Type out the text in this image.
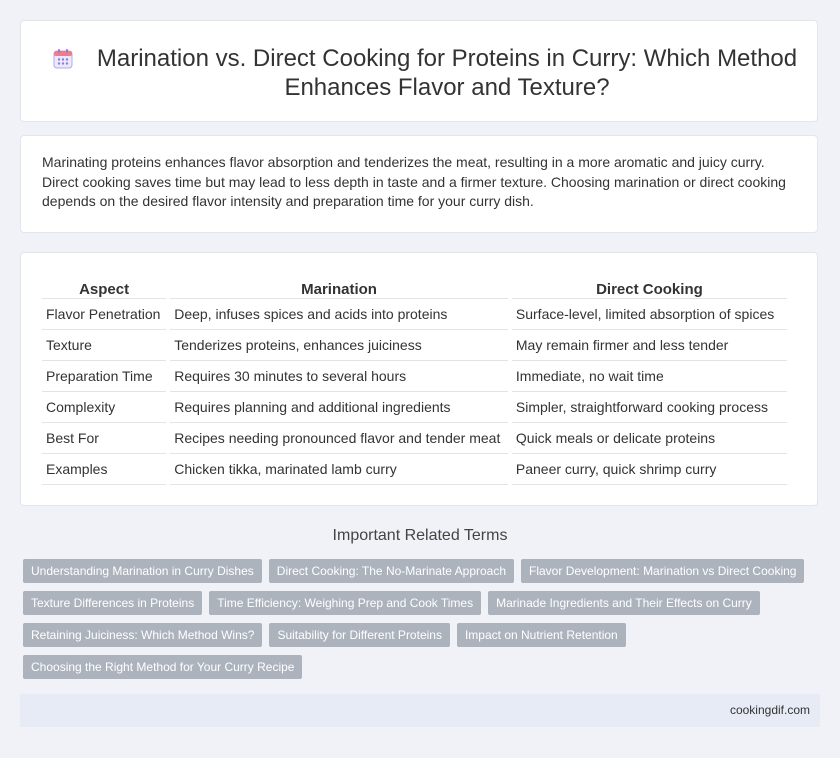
Marination vs. Direct Cooking for Proteins in Curry: Which Method Enhances Flavor and Texture?

Marinating proteins enhances flavor absorption and tenderizes the meat, resulting in a more aromatic and juicy curry. Direct cooking saves time but may lead to less depth in taste and a firmer texture. Choosing marination or direct cooking depends on the desired flavor intensity and preparation time for your curry dish.

Aspect	Marination	Direct Cooking
Flavor Penetration	Deep, infuses spices and acids into proteins	Surface-level, limited absorption of spices
Texture	Tenderizes proteins, enhances juiciness	May remain firmer and less tender
Preparation Time	Requires 30 minutes to several hours	Immediate, no wait time
Complexity	Requires planning and additional ingredients	Simpler, straightforward cooking process
Best For	Recipes needing pronounced flavor and tender meat	Quick meals or delicate proteins
Examples	Chicken tikka, marinated lamb curry	Paneer curry, quick shrimp curry
Important Related Terms
Understanding Marination in Curry Dishes	Direct Cooking: The No-Marinate Approach	Flavor Development: Marination vs Direct Cooking
Texture Differences in Proteins	Time Efficiency: Weighing Prep and Cook Times	Marinade Ingredients and Their Effects on Curry
Retaining Juiciness: Which Method Wins?	Suitability for Different Proteins	Impact on Nutrient Retention
Choosing the Right Method for Your Curry Recipe
cookingdif.com
